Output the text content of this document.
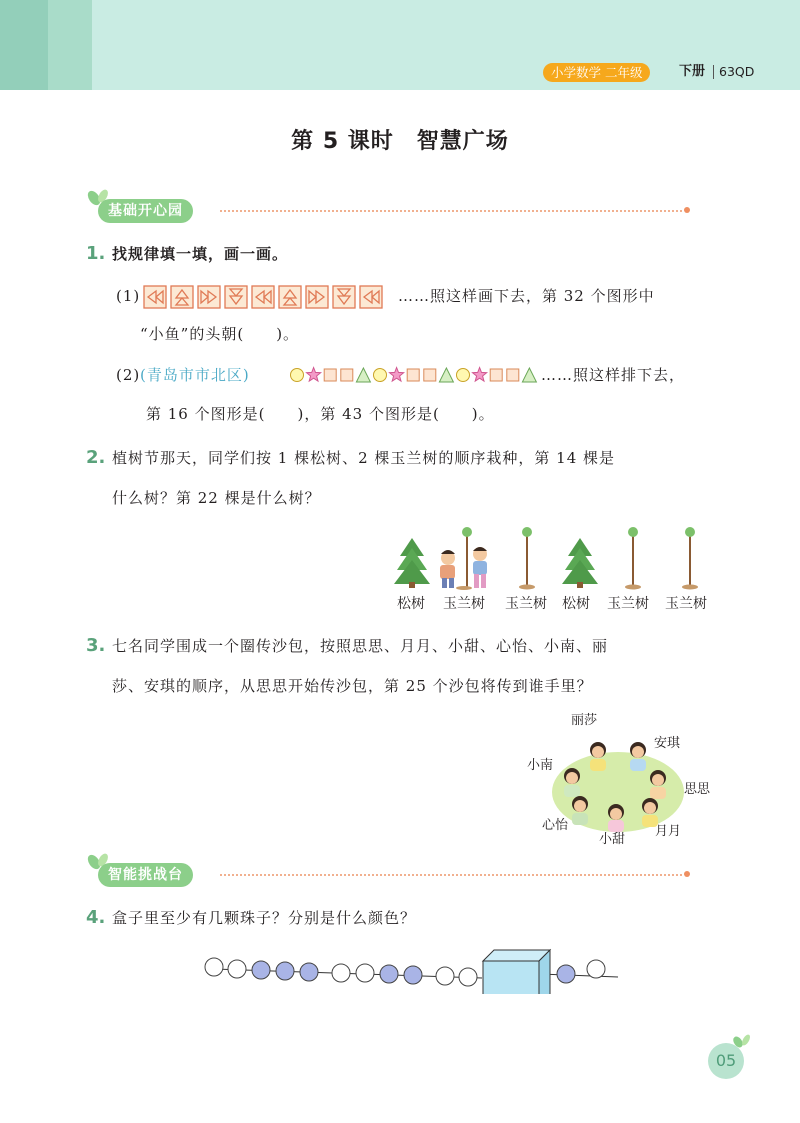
小学数学 二年级	下册 63QD
第 5 课时　智慧广场
基础开心园
1. 找规律填一填，画一画。
(1)	……照这样画下去，第 32 个图形中
“小鱼”的头朝(　　)。
(2) (青岛市市北区)	……照这样排下去，
第 16 个图形是(　　)，第 43 个图形是(　　)。
2. 植树节那天，同学们按 1 棵松树、2 棵玉兰树的顺序栽种，第 14 棵是
什么树？第 22 棵是什么树？
松树	玉兰树	玉兰树	松树	玉兰树	玉兰树
3. 七名同学围成一个圈传沙包，按照思思、月月、小甜、心怡、小南、丽
莎、安琪的顺序，从思思开始传沙包，第 25 个沙包将传到谁手里？
丽莎
安琪
小南
思思
心怡	月月
小甜
智能挑战台
4. 盒子里至少有几颗珠子？分别是什么颜色？
05
